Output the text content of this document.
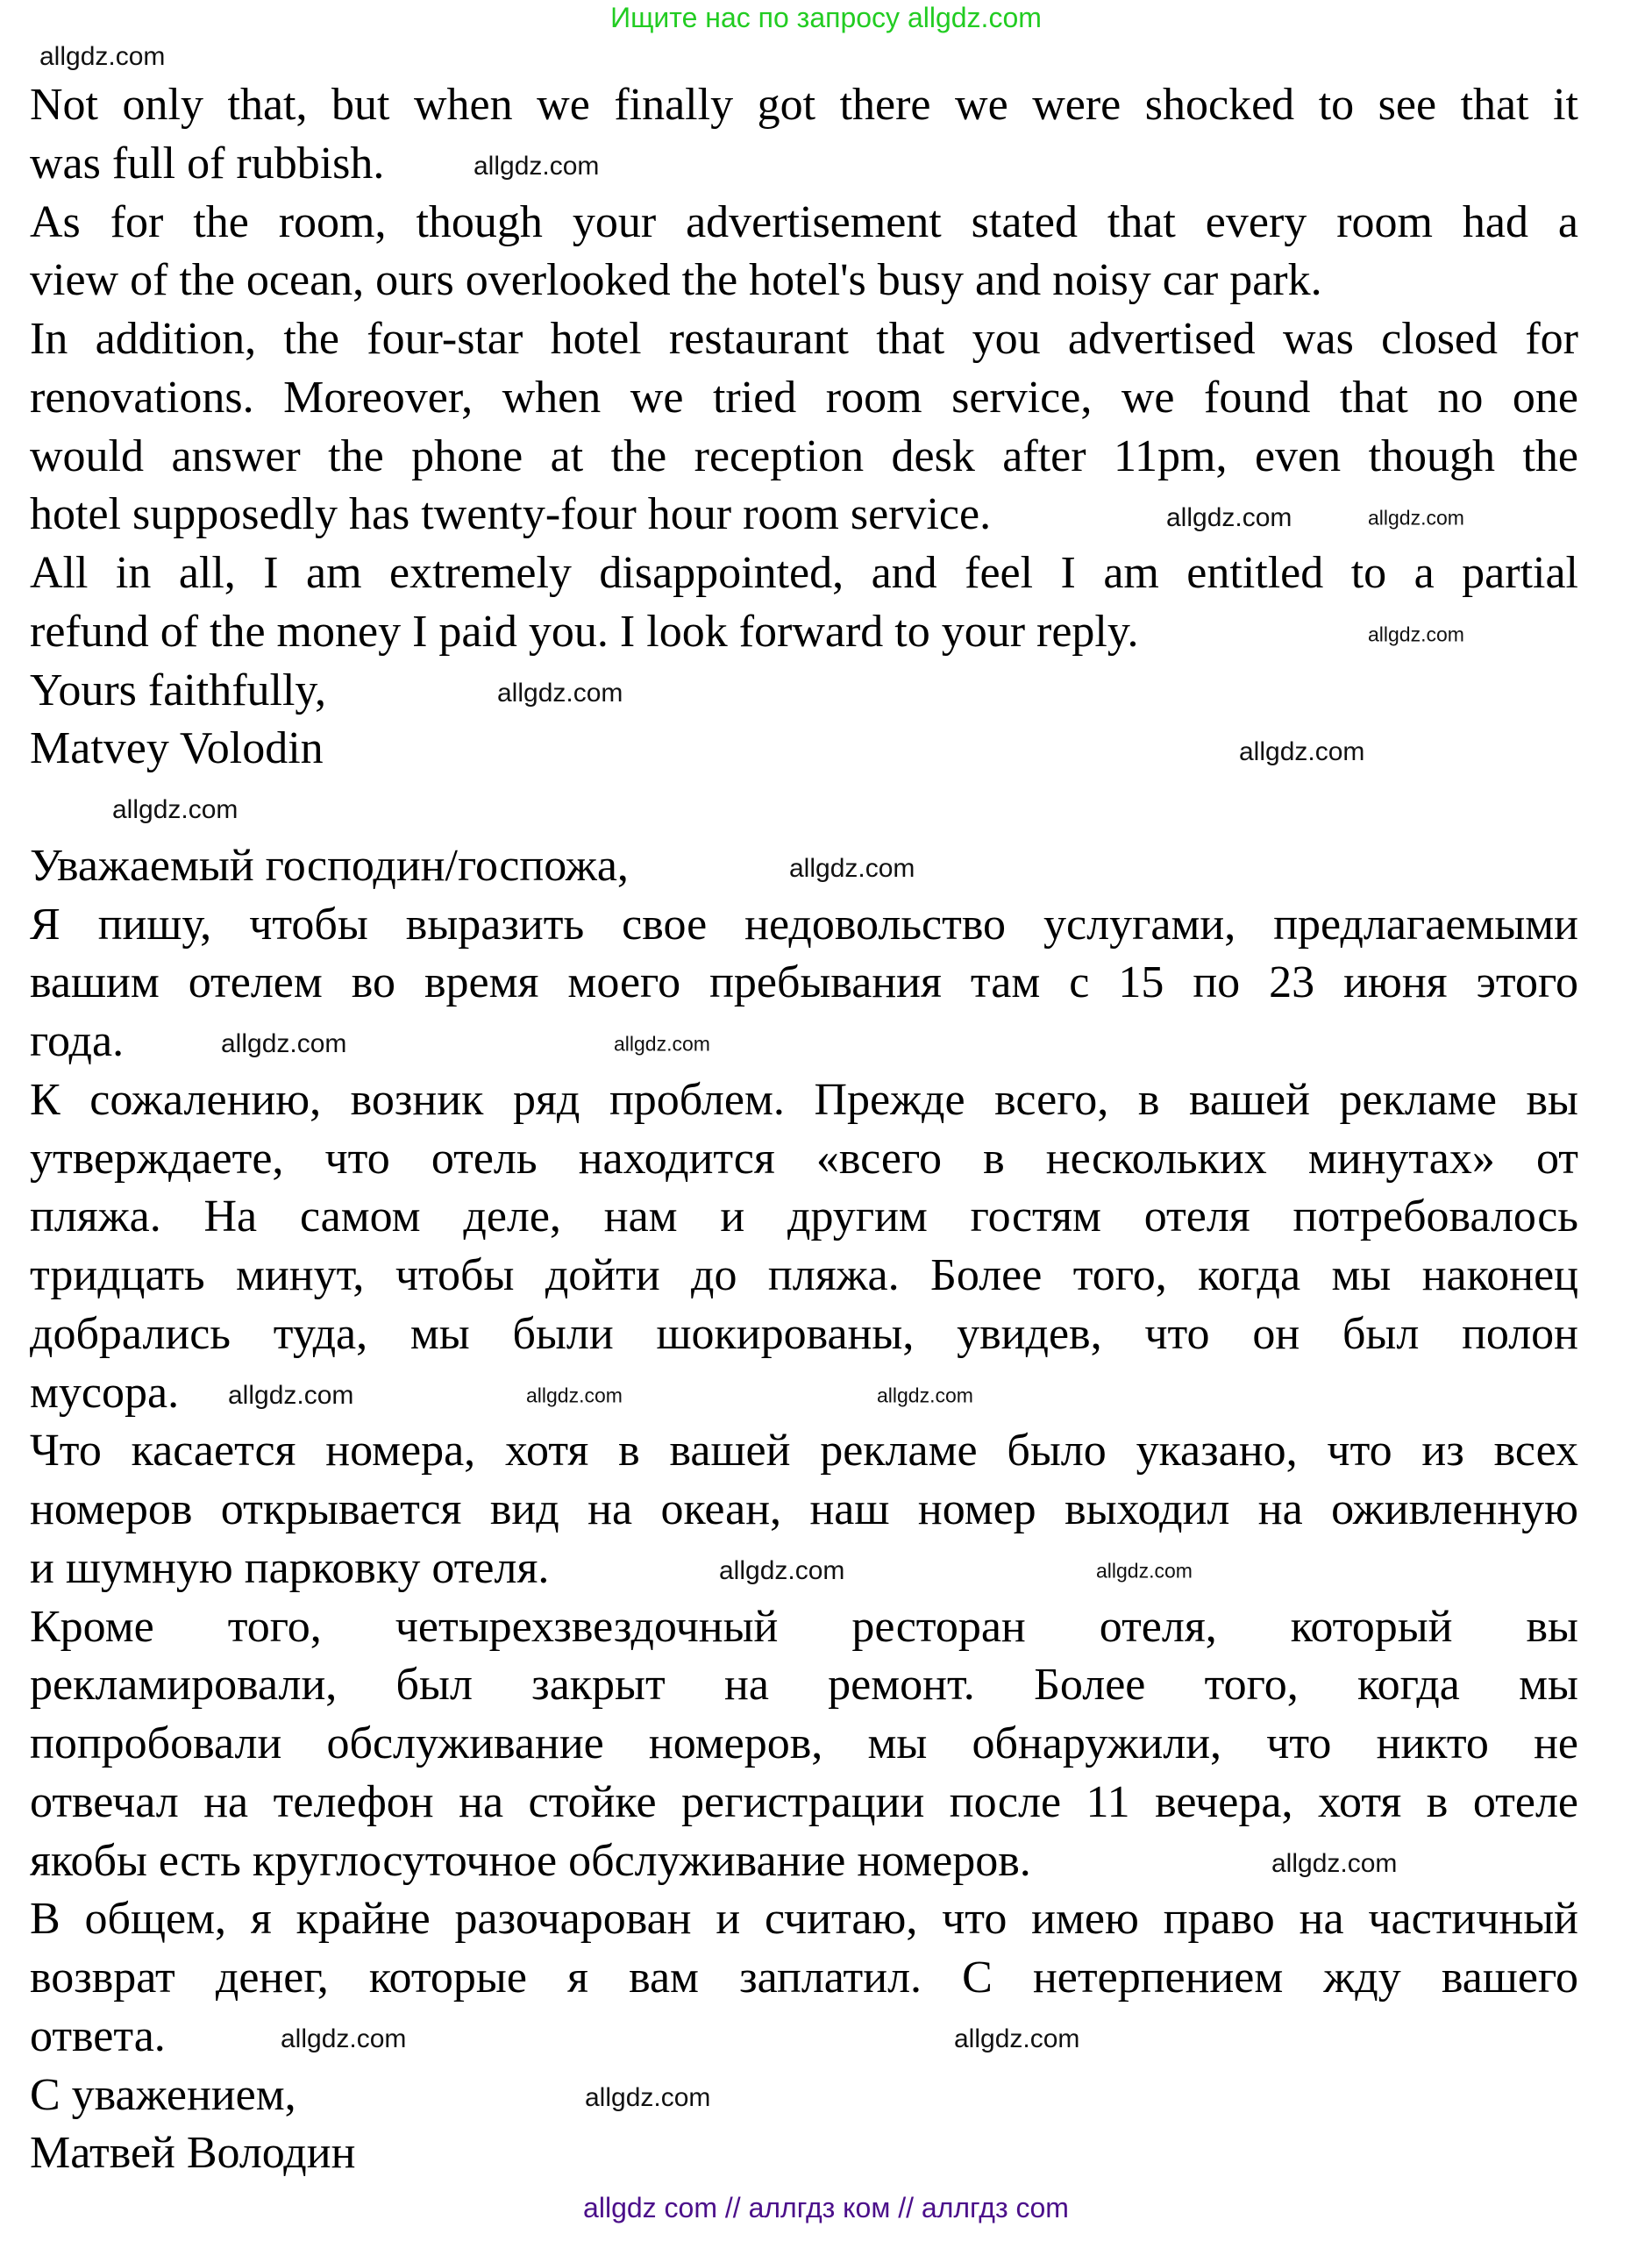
Ищите нас по запросу allgdz.com
Not only that, but when we finally got there we were shocked to see that it
was full of rubbish.
As for the room, though your advertisement stated that every room had a
view of the ocean, ours overlooked the hotel's busy and noisy car park.
In addition, the four-star hotel restaurant that you advertised was closed for
renovations. Moreover, when we tried room service, we found that no one
would answer the phone at the reception desk after 11pm, even though the
hotel supposedly has twenty-four hour room service.
All in all, I am extremely disappointed, and feel I am entitled to a partial
refund of the money I paid you. I look forward to your reply.
Yours faithfully,
Matvey Volodin
Уважаемый господин/госпожа,
Я пишу, чтобы выразить свое недовольство услугами, предлагаемыми
вашим отелем во время моего пребывания там с 15 по 23 июня этого
года.
К сожалению, возник ряд проблем. Прежде всего, в вашей рекламе вы
утверждаете, что отель находится «всего в нескольких минутах» от
пляжа. На самом деле, нам и другим гостям отеля потребовалось
тридцать минут, чтобы дойти до пляжа. Более того, когда мы наконец
добрались туда, мы были шокированы, увидев, что он был полон
мусора.
Что касается номера, хотя в вашей рекламе было указано, что из всех
номеров открывается вид на океан, наш номер выходил на оживленную
и шумную парковку отеля.
Кроме того, четырехзвездочный ресторан отеля, который вы
рекламировали, был закрыт на ремонт. Более того, когда мы
попробовали обслуживание номеров, мы обнаружили, что никто не
отвечал на телефон на стойке регистрации после 11 вечера, хотя в отеле
якобы есть круглосуточное обслуживание номеров.
В общем, я крайне разочарован и считаю, что имею право на частичный
возврат денег, которые я вам заплатил. С нетерпением жду вашего
ответа.
С уважением,
Матвей Володин
allgdz.com
allgdz.com
allgdz.com
allgdz.com
allgdz.com
allgdz.com
allgdz.com
allgdz.com
allgdz.com
allgdz.com	allgdz.com
allgdz.com
allgdz.com	allgdz.com
allgdz.com
allgdz.com
allgdz.com
allgdz.com
allgdz.com
allgdz.com
allgdz com // аллгдз ком // аллгдз com
